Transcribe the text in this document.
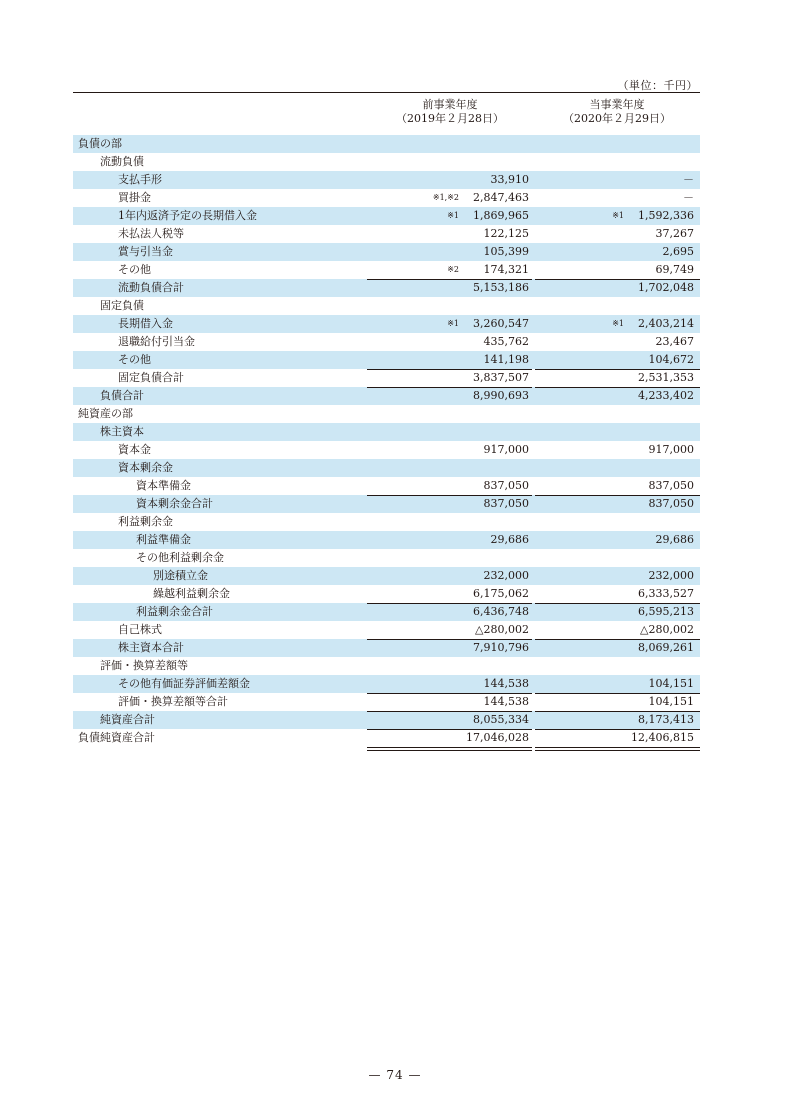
（単位：千円）
前事業年度
（2019年２月28日）
当事業年度
（2020年２月29日）
負債の部
流動負債
支払手形	33,910	－
買掛金	※1,※2 2,847,463	－
1年内返済予定の長期借入金	※1 1,869,965	※1 1,592,336
未払法人税等	122,125	37,267
賞与引当金	105,399	2,695
その他	※2 174,321	69,749
流動負債合計	5,153,186	1,702,048
固定負債
長期借入金	※1 3,260,547	※1 2,403,214
退職給付引当金	435,762	23,467
その他	141,198	104,672
固定負債合計	3,837,507	2,531,353
負債合計	8,990,693	4,233,402
純資産の部
株主資本
資本金	917,000	917,000
資本剰余金
資本準備金	837,050	837,050
資本剰余金合計	837,050	837,050
利益剰余金
利益準備金	29,686	29,686
その他利益剰余金
別途積立金	232,000	232,000
繰越利益剰余金	6,175,062	6,333,527
利益剰余金合計	6,436,748	6,595,213
自己株式	△280,002	△280,002
株主資本合計	7,910,796	8,069,261
評価・換算差額等
その他有価証券評価差額金	144,538	104,151
評価・換算差額等合計	144,538	104,151
純資産合計	8,055,334	8,173,413
負債純資産合計	17,046,028	12,406,815
— 74 —
